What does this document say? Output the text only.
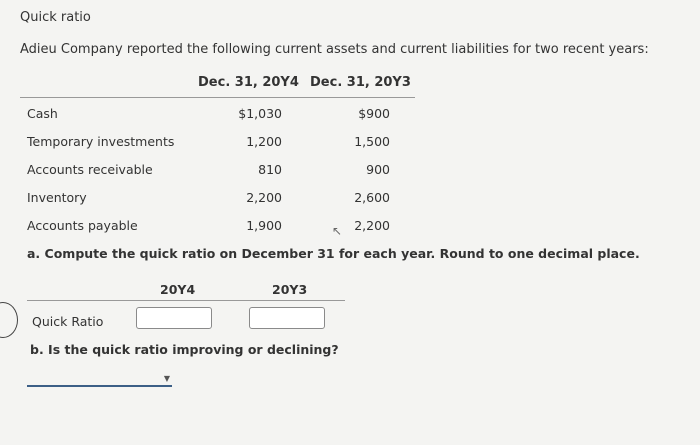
Quick ratio
Adieu Company reported the following current assets and current liabilities for two recent years:
Dec. 31, 20Y4 Dec. 31, 20Y3
Cash	$1,030	$900
Temporary investments	1,200	1,500
Accounts receivable	810	900
Inventory	2,200	2,600
Accounts payable	1,900	2,200
↖
a. Compute the quick ratio on December 31 for each year. Round to one decimal place.
20Y4	20Y3
Quick Ratio
b. Is the quick ratio improving or declining?
▼
